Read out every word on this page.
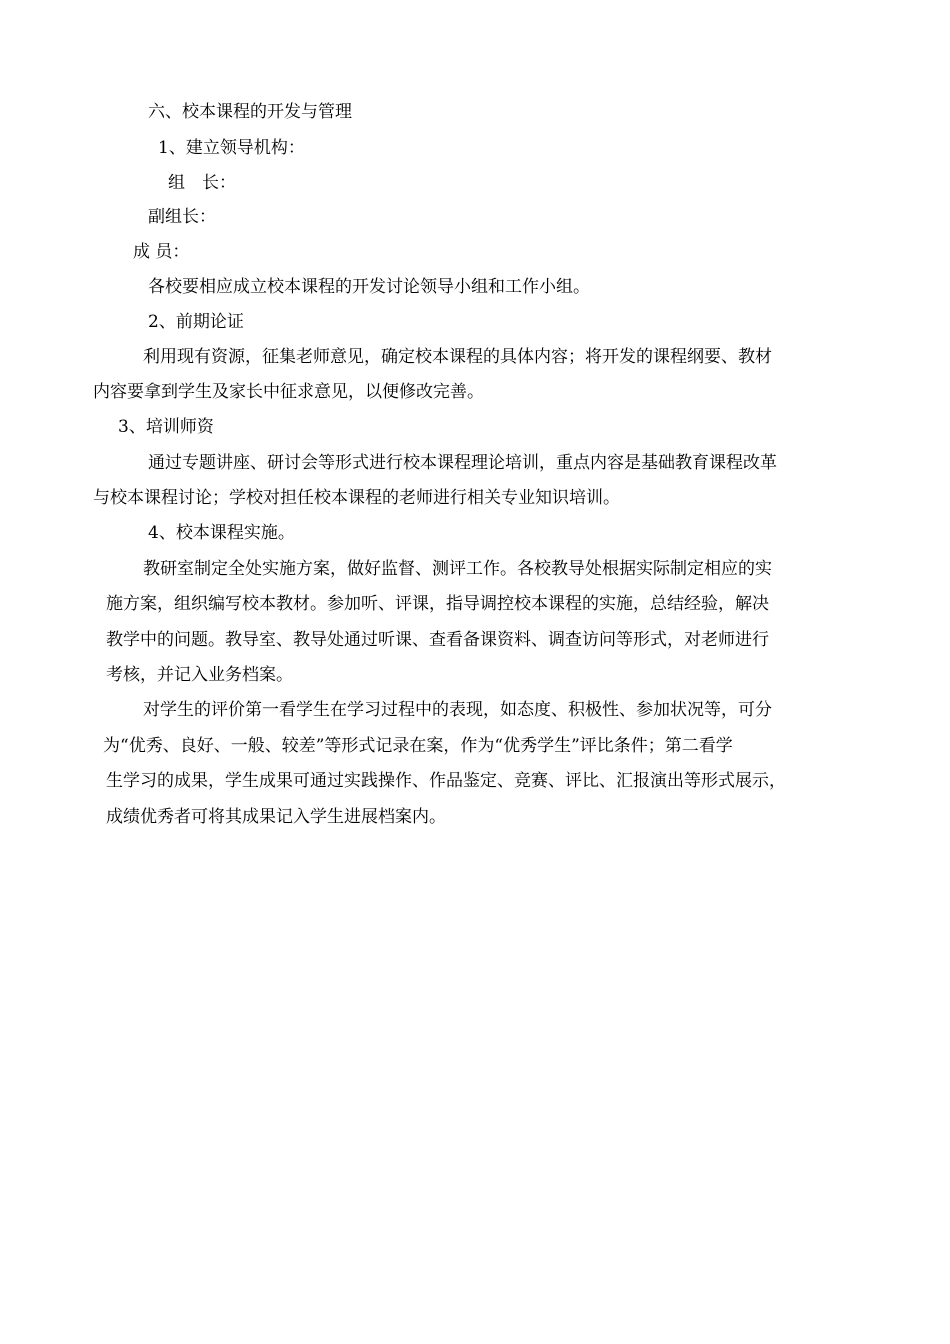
六、校本课程的开发与管理
1、建立领导机构：
组　长：
副组长：
成 员：
各校要相应成立校本课程的开发讨论领导小组和工作小组。
2、前期论证
利用现有资源，征集老师意见，确定校本课程的具体内容；将开发的课程纲要、教材
内容要拿到学生及家长中征求意见，以便修改完善。
3、培训师资
通过专题讲座、研讨会等形式进行校本课程理论培训，重点内容是基础教育课程改革
与校本课程讨论；学校对担任校本课程的老师进行相关专业知识培训。
4、校本课程实施。
教研室制定全处实施方案，做好监督、测评工作。各校教导处根据实际制定相应的实
施方案，组织编写校本教材。参加听、评课，指导调控校本课程的实施，总结经验，解决
教学中的问题。教导室、教导处通过听课、查看备课资料、调查访问等形式，对老师进行
考核，并记入业务档案。
对学生的评价第一看学生在学习过程中的表现，如态度、积极性、参加状况等，可分
为“优秀、良好、一般、较差”等形式记录在案，作为“优秀学生”评比条件；第二看学
生学习的成果，学生成果可通过实践操作、作品鉴定、竞赛、评比、汇报演出等形式展示，
成绩优秀者可将其成果记入学生进展档案内。
